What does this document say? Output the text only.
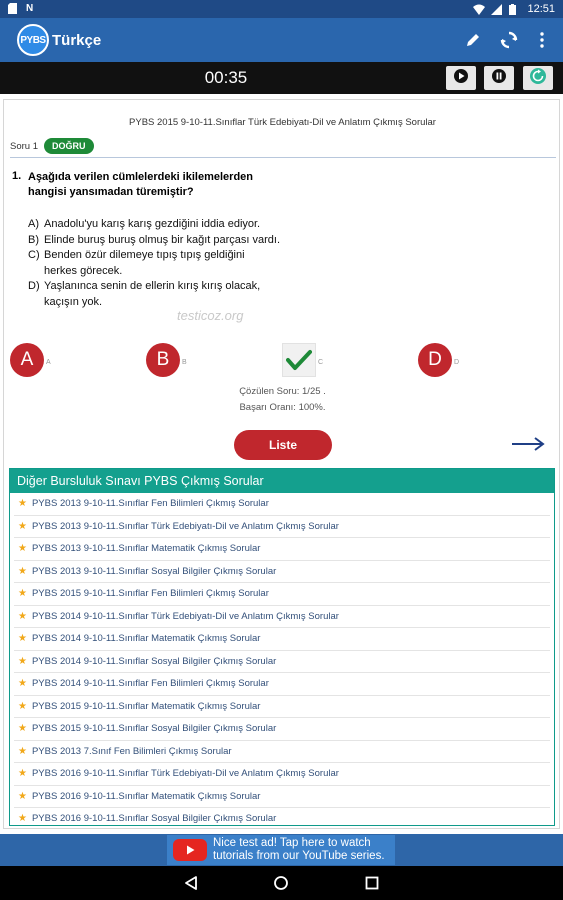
N	12:51
PYBS Türkçe
00:35
PYBS 2015 9-10-11.Sınıflar Türk Edebiyatı-Dil ve Anlatım Çıkmış Sorular
Soru 1	DOĞRU
1. Aşağıda verilen cümlelerdeki ikilemelerden hangisi yansımadan türemiştir?
A) Anadolu'yu karış karış gezdiğini iddia ediyor.
B) Elinde buruş buruş olmuş bir kağıt parçası vardı.
C) Benden özür dilemeye tıpış tıpış geldiğini herkes görecek.
D) Yaşlanınca senin de ellerin kırış kırış olacak, kaçışın yok.
testicoz.org
A	A	B	B	C	D	D
Çözülen Soru: 1/25 .
Başarı Oranı: 100%.
Liste
Diğer Bursluluk Sınavı PYBS Çıkmış Sorular
★ PYBS 2013 9-10-11.Sınıflar Fen Bilimleri Çıkmış Sorular
★ PYBS 2013 9-10-11.Sınıflar Türk Edebiyatı-Dil ve Anlatım Çıkmış Sorular
★ PYBS 2013 9-10-11.Sınıflar Matematik Çıkmış Sorular
★ PYBS 2013 9-10-11.Sınıflar Sosyal Bilgiler Çıkmış Sorular
★ PYBS 2015 9-10-11.Sınıflar Fen Bilimleri Çıkmış Sorular
★ PYBS 2014 9-10-11.Sınıflar Türk Edebiyatı-Dil ve Anlatım Çıkmış Sorular
★ PYBS 2014 9-10-11.Sınıflar Matematik Çıkmış Sorular
★ PYBS 2014 9-10-11.Sınıflar Sosyal Bilgiler Çıkmış Sorular
★ PYBS 2014 9-10-11.Sınıflar Fen Bilimleri Çıkmış Sorular
★ PYBS 2015 9-10-11.Sınıflar Matematik Çıkmış Sorular
★ PYBS 2015 9-10-11.Sınıflar Sosyal Bilgiler Çıkmış Sorular
★ PYBS 2013 7.Sınıf Fen Bilimleri Çıkmış Sorular
★ PYBS 2016 9-10-11.Sınıflar Türk Edebiyatı-Dil ve Anlatım Çıkmış Sorular
★ PYBS 2016 9-10-11.Sınıflar Matematik Çıkmış Sorular
★ PYBS 2016 9-10-11.Sınıflar Sosyal Bilgiler Çıkmış Sorular
Nice test ad! Tap here to watch
tutorials from our YouTube series.
